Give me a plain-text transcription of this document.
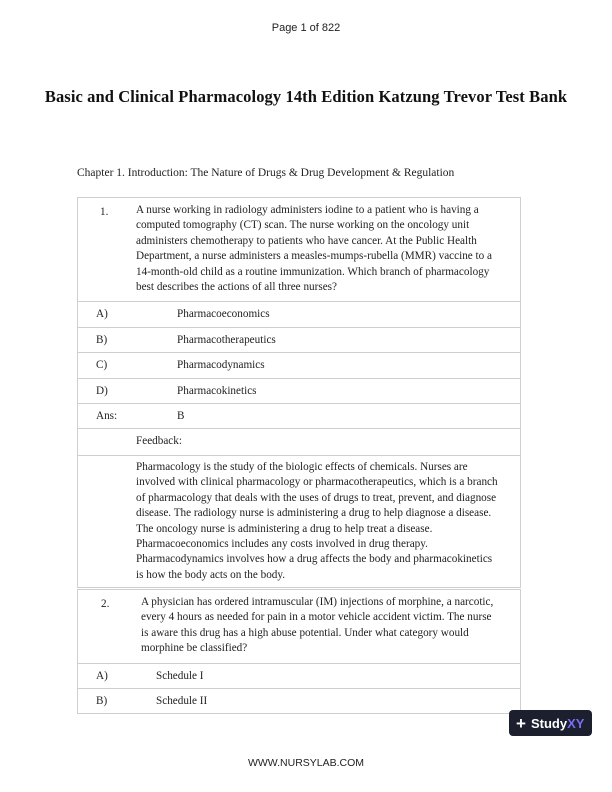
Page 1 of 822
Basic and Clinical Pharmacology 14th Edition Katzung Trevor Test Bank
Chapter 1. Introduction: The Nature of Drugs & Drug Development & Regulation
1.	A nurse working in radiology administers iodine to a patient who is having a computed tomography (CT) scan. The nurse working on the oncology unit administers chemotherapy to patients who have cancer. At the Public Health Department, a nurse administers a measles-mumps-rubella (MMR) vaccine to a 14-month-old child as a routine immunization. Which branch of pharmacology best describes the actions of all three nurses?
A)	Pharmacoeconomics
B)	Pharmacotherapeutics
C)	Pharmacodynamics
D)	Pharmacokinetics
Ans:	B
Feedback:
Pharmacology is the study of the biologic effects of chemicals. Nurses are involved with clinical pharmacology or pharmacotherapeutics, which is a branch of pharmacology that deals with the uses of drugs to treat, prevent, and diagnose disease. The radiology nurse is administering a drug to help diagnose a disease. The oncology nurse is administering a drug to help treat a disease. Pharmacoeconomics includes any costs involved in drug therapy. Pharmacodynamics involves how a drug affects the body and pharmacokinetics is how the body acts on the body.
2.	A physician has ordered intramuscular (IM) injections of morphine, a narcotic, every 4 hours as needed for pain in a motor vehicle accident victim. The nurse is aware this drug has a high abuse potential. Under what category would morphine be classified?
A)	Schedule I
B)	Schedule II
+ Study XY
WWW.NURSYLAB.COM
